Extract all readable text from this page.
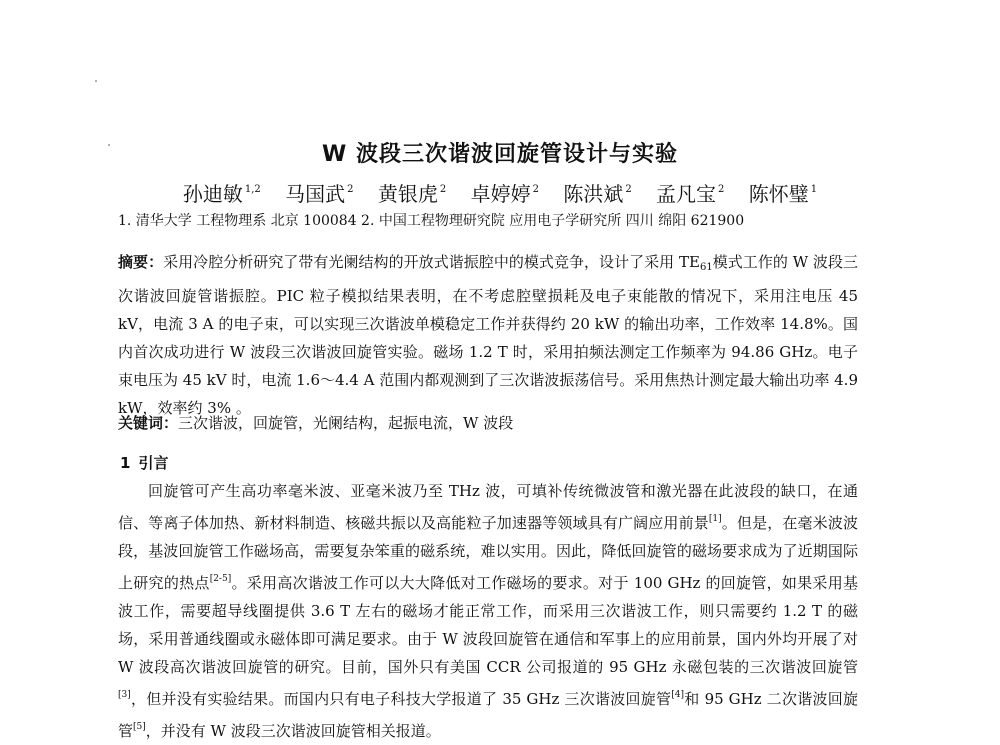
W 波段三次谐波回旋管设计与实验
孙迪敏 $^{1,2}$ 马国武 $^2$ 黄银虎 $^2$ 卓婷婷 $^2$ 陈洪斌 $^2$ 孟凡宝 $^2$ 陈怀璧 $^1$
1. 清华大学 工程物理系 北京 100084 2. 中国工程物理研究院 应用电子学研究所 四川 绵阳 621900
摘要：采用冷腔分析研究了带有光阑结构的开放式谐振腔中的模式竞争，设计了采用 $TE_{61}$模式工作的 W 波段三次谐波回旋管谐振腔。PIC 粒子模拟结果表明，在不考虑腔壁损耗及电子束能散的情况下，采用注电压 45 kV，电流 3 A 的电子束，可以实现三次谐波单模稳定工作并获得约 20 kW 的输出功率，工作效率 14.8%。国内首次成功进行 W 波段三次谐波回旋管实验。磁场 1.2 T 时，采用拍频法测定工作频率为 94.86 GHz。电子束电压为 45 kV 时，电流 1.6～4.4 A 范围内都观测到了三次谐波振荡信号。采用焦热计测定最大输出功率 4.9 kW，效率约 3% 。
关键词：三次谐波，回旋管，光阑结构，起振电流，W 波段
1 引言
回旋管可产生高功率毫米波、亚毫米波乃至 THz 波，可填补传统微波管和激光器在此波段的缺口，在通信、等离子体加热、新材料制造、核磁共振以及高能粒子加速器等领域具有广阔应用前景[1]。但是，在毫米波波段，基波回旋管工作磁场高，需要复杂笨重的磁系统，难以实用。因此，降低回旋管的磁场要求成为了近期国际上研究的热点[2-5]。采用高次谐波工作可以大大降低对工作磁场的要求。对于 100 GHz 的回旋管，如果采用基波工作，需要超导线圈提供 3.6 T 左右的磁场才能正常工作，而采用三次谐波工作，则只需要约 1.2 T 的磁场，采用普通线圈或永磁体即可满足要求。由于 W 波段回旋管在通信和军事上的应用前景，国内外均开展了对 W 波段高次谐波回旋管的研究。目前，国外只有美国 CCR 公司报道的 95 GHz 永磁包装的三次谐波回旋管[3]，但并没有实验结果。而国内只有电子科技大学报道了 35 GHz 三次谐波回旋管[4]和 95 GHz 二次谐波回旋管[5]，并没有 W 波段三次谐波回旋管相关报道。
